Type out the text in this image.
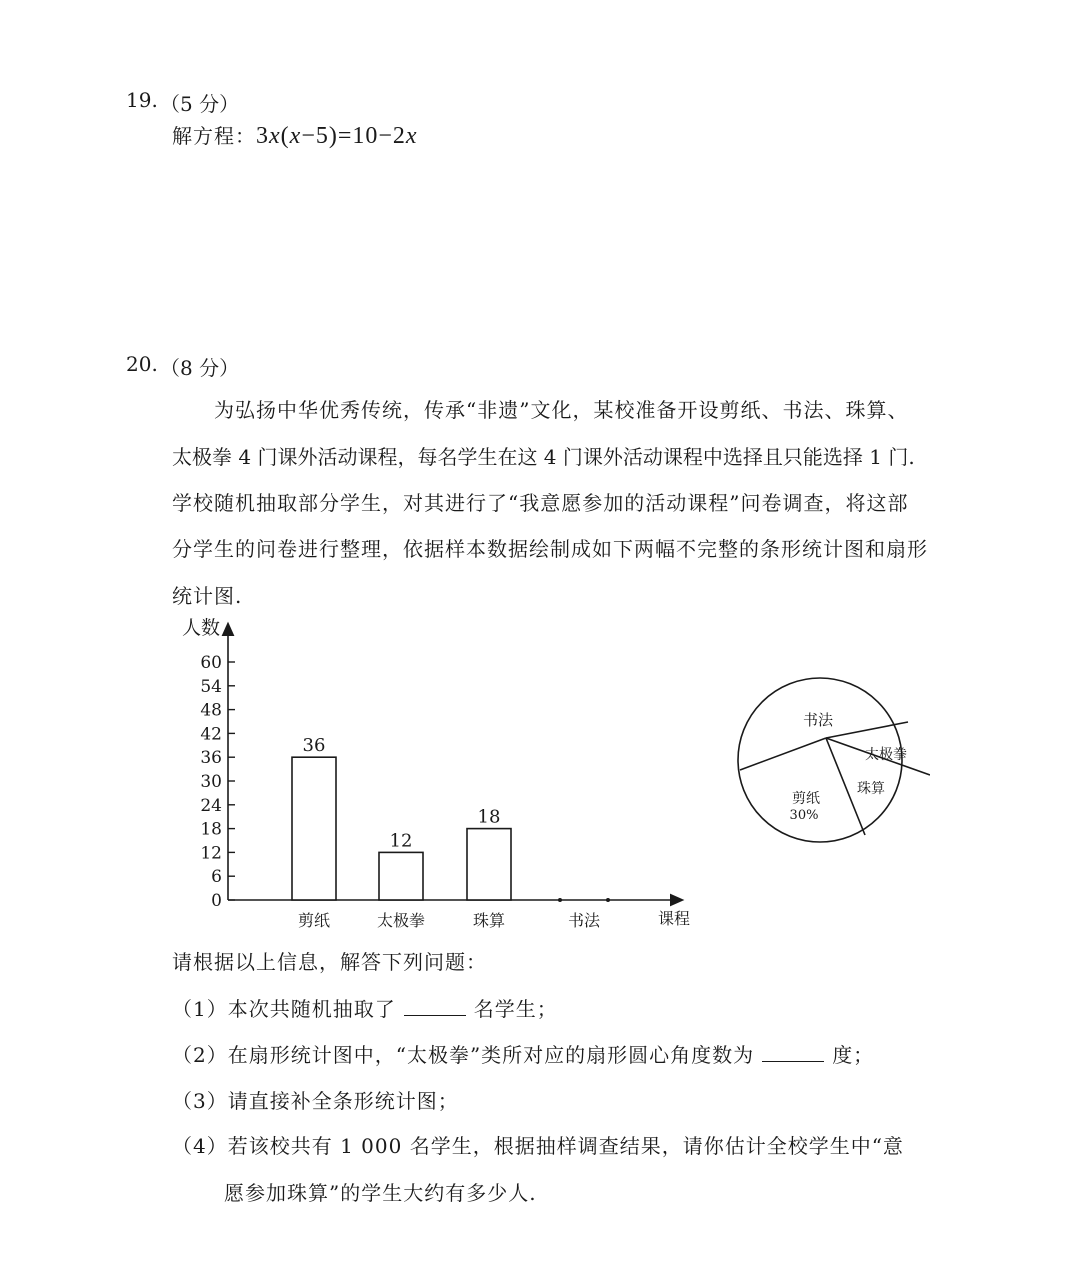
19. （5 分）
解方程：3x(x−5)=10−2x
20. （8 分）
为弘扬中华优秀传统，传承“非遗”文化，某校准备开设剪纸、书法、珠算、
太极拳 4 门课外活动课程，每名学生在这 4 门课外活动课程中选择且只能选择 1 门.
学校随机抽取部分学生，对其进行了“我意愿参加的活动课程”问卷调查，将这部
分学生的问卷进行整理，依据样本数据绘制成如下两幅不完整的条形统计图和扇形
统计图.
人数
课程
0
6
12
18
24
30
36
42
48
54
60
36
剪纸
12
太极拳
18
珠算	书法
书法
太极拳
珠算
剪纸
30%
请根据以上信息，解答下列问题：
（1）本次共随机抽取了	名学生；
（2）在扇形统计图中，“太极拳”类所对应的扇形圆心角度数为	度；
（3）请直接补全条形统计图；
（4）若该校共有 1 000 名学生，根据抽样调查结果，请你估计全校学生中“意
愿参加珠算”的学生大约有多少人.
